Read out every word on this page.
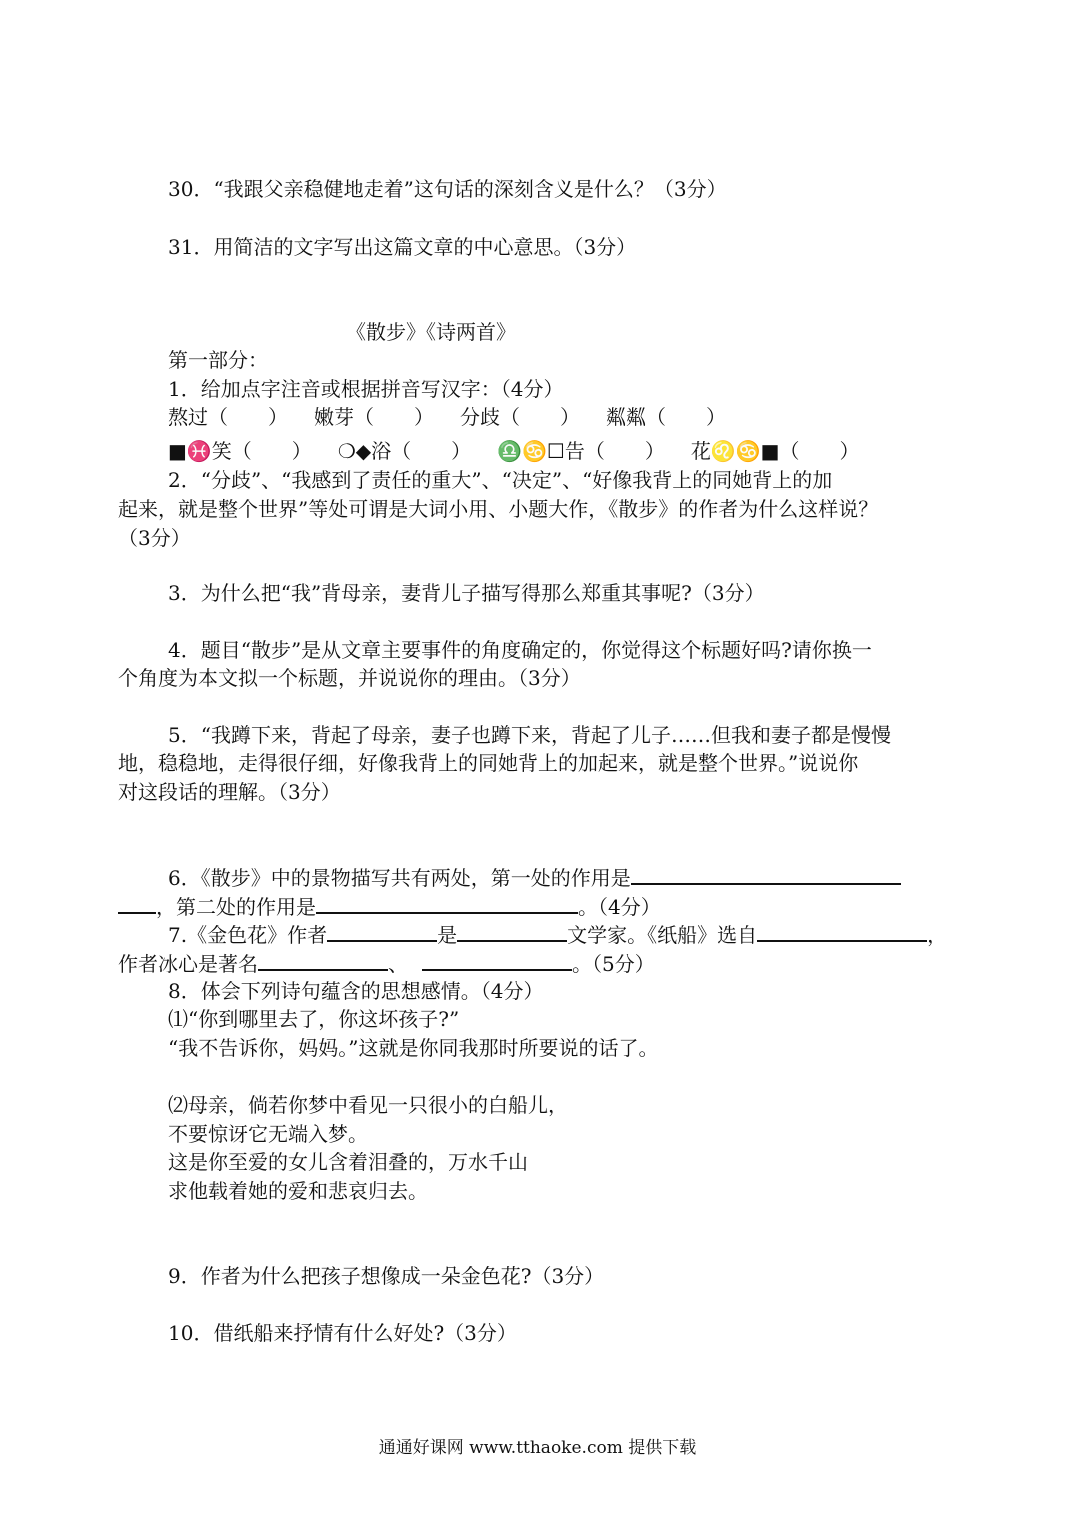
30．“我跟父亲稳健地走着”这句话的深刻含义是什么？（3分）
31．用简洁的文字写出这篇文章的中心意思。（3分）
《散步》《诗两首》
第一部分：
1．给加点字注音或根据拼音写汉字：（4分）
熬过（　　） 嫩芽（　　） 分歧（　　） 粼粼（　　）
■♓笑（　　） ❍◆浴（　　） ♎♋☐告（　　） 花♌♋■（　　）
2．“分歧”、“我感到了责任的重大”、“决定”、“好像我背上的同她背上的加
起来，就是整个世界”等处可谓是大词小用、小题大作，《散步》的作者为什么这样说？
（3分）
3．为什么把“我”背母亲，妻背儿子描写得那么郑重其事呢?（3分）
4．题目“散步”是从文章主要事件的角度确定的，你觉得这个标题好吗?请你换一
个角度为本文拟一个标题，并说说你的理由。（3分）
5．“我蹲下来，背起了母亲，妻子也蹲下来，背起了儿子……但我和妻子都是慢慢
地，稳稳地，走得很仔细，好像我背上的同她背上的加起来，就是整个世界。”说说你
对这段话的理解。（3分）
6．《散步》中的景物描写共有两处，第一处的作用是
，第二处的作用是	。（4分）
7.《金色花》作者	是	文学家。《纸船》选自	，
作者冰心是著名	、	。（5分）
8．体会下列诗句蕴含的思想感情。（4分）
⑴“你到哪里去了，你这坏孩子?”
“我不告诉你，妈妈。”这就是你同我那时所要说的话了。
⑵母亲，倘若你梦中看见一只很小的白船儿，
不要惊讶它无端入梦。
这是你至爱的女儿含着泪叠的，万水千山
求他载着她的爱和悲哀归去。
9．作者为什么把孩子想像成一朵金色花?（3分）
10．借纸船来抒情有什么好处?（3分）
通通好课网 www.tthaoke.com 提供下载
